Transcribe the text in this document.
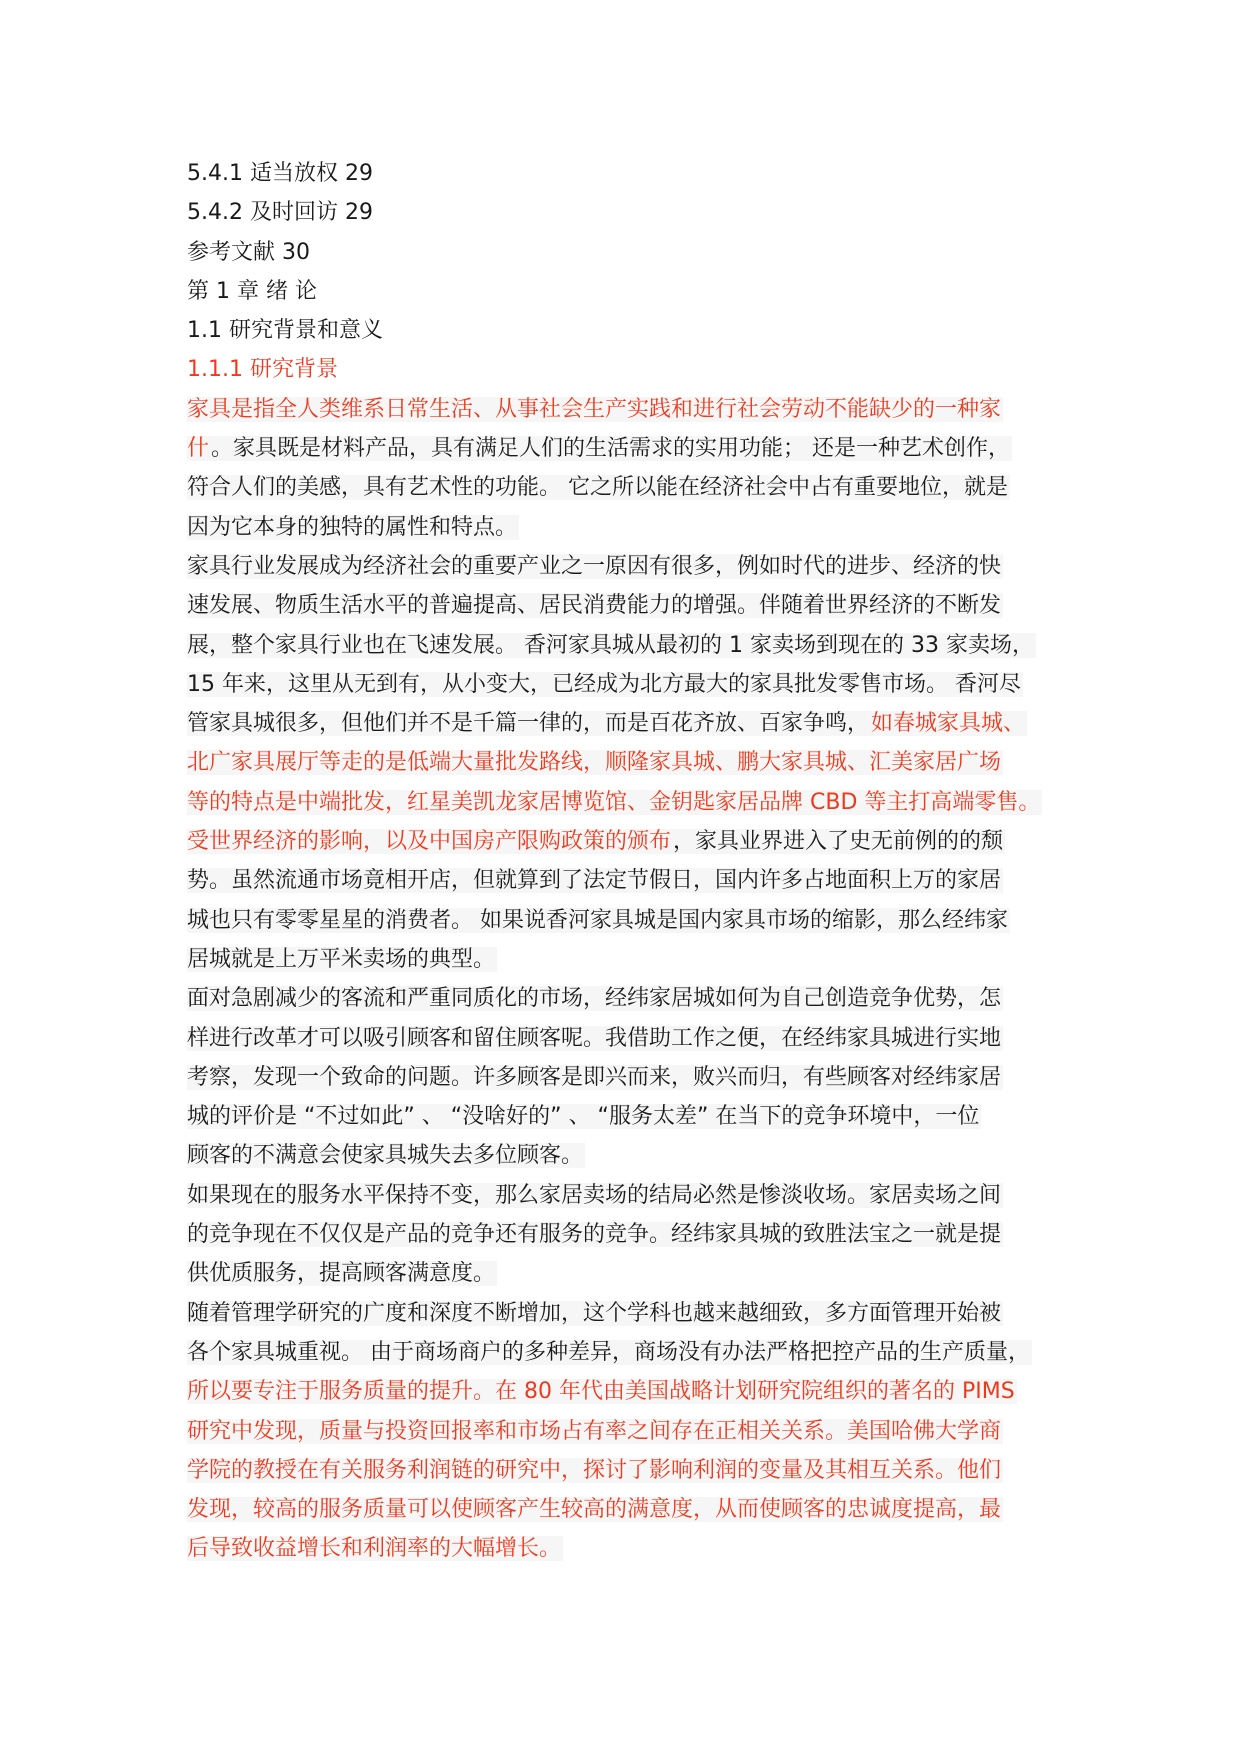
5.4.1 适当放权 29
5.4.2 及时回访 29
参考文献 30
第 1 章 绪 论
1.1 研究背景和意义
1.1.1 研究背景
家具是指全人类维系日常生活、从事社会生产实践和进行社会劳动不能缺少的一种家
什。家具既是材料产品，具有满足人们的生活需求的实用功能； 还是一种艺术创作，
符合人们的美感，具有艺术性的功能。 它之所以能在经济社会中占有重要地位，就是
因为它本身的独特的属性和特点。
家具行业发展成为经济社会的重要产业之一原因有很多，例如时代的进步、经济的快
速发展、物质生活水平的普遍提高、居民消费能力的增强。伴随着世界经济的不断发
展，整个家具行业也在飞速发展。 香河家具城从最初的 1 家卖场到现在的 33 家卖场，
15 年来，这里从无到有，从小变大，已经成为北方最大的家具批发零售市场。 香河尽
管家具城很多，但他们并不是千篇一律的，而是百花齐放、百家争鸣，如春城家具城、
北广家具展厅等走的是低端大量批发路线，顺隆家具城、鹏大家具城、汇美家居广场
等的特点是中端批发，红星美凯龙家居博览馆、金钥匙家居品牌 CBD 等主打高端零售。
受世界经济的影响，以及中国房产限购政策的颁布，家具业界进入了史无前例的的颓
势。虽然流通市场竟相开店，但就算到了法定节假日，国内许多占地面积上万的家居
城也只有零零星星的消费者。 如果说香河家具城是国内家具市场的缩影，那么经纬家
居城就是上万平米卖场的典型。
面对急剧减少的客流和严重同质化的市场，经纬家居城如何为自己创造竞争优势，怎
样进行改革才可以吸引顾客和留住顾客呢。我借助工作之便，在经纬家具城进行实地
考察，发现一个致命的问题。许多顾客是即兴而来，败兴而归，有些顾客对经纬家居
城的评价是 “不过如此” 、 “没啥好的” 、 “服务太差” 在当下的竞争环境中，一位
顾客的不满意会使家具城失去多位顾客。
如果现在的服务水平保持不变，那么家居卖场的结局必然是惨淡收场。家居卖场之间
的竞争现在不仅仅是产品的竞争还有服务的竞争。经纬家具城的致胜法宝之一就是提
供优质服务，提高顾客满意度。
随着管理学研究的广度和深度不断增加，这个学科也越来越细致，多方面管理开始被
各个家具城重视。 由于商场商户的多种差异，商场没有办法严格把控产品的生产质量，
所以要专注于服务质量的提升。在 80 年代由美国战略计划研究院组织的著名的 PIMS
研究中发现，质量与投资回报率和市场占有率之间存在正相关关系。美国哈佛大学商
学院的教授在有关服务利润链的研究中，探讨了影响利润的变量及其相互关系。他们
发现，较高的服务质量可以使顾客产生较高的满意度，从而使顾客的忠诚度提高，最
后导致收益增长和利润率的大幅增长。
